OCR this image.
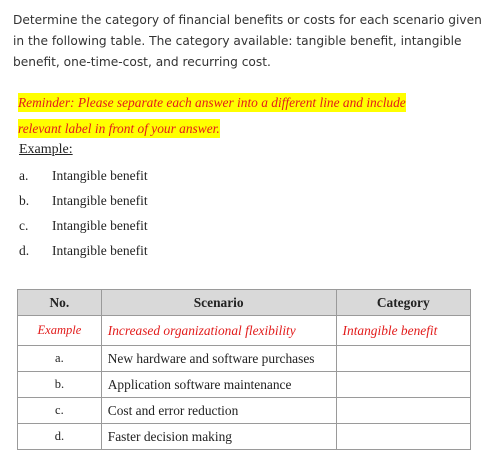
Determine the category of financial benefits or costs for each scenario given in the following table. The category available: tangible benefit, intangible benefit, one-time-cost, and recurring cost.
Reminder: Please separate each answer into a different line and include
relevant label in front of your answer.
Example:
a. Intangible benefit
b. Intangible benefit
c. Intangible benefit
d. Intangible benefit
No.	Scenario	Category
Example	Increased organizational flexibility	Intangible benefit
a.	New hardware and software purchases	
b.	Application software maintenance	
c.	Cost and error reduction	
d.	Faster decision making	
